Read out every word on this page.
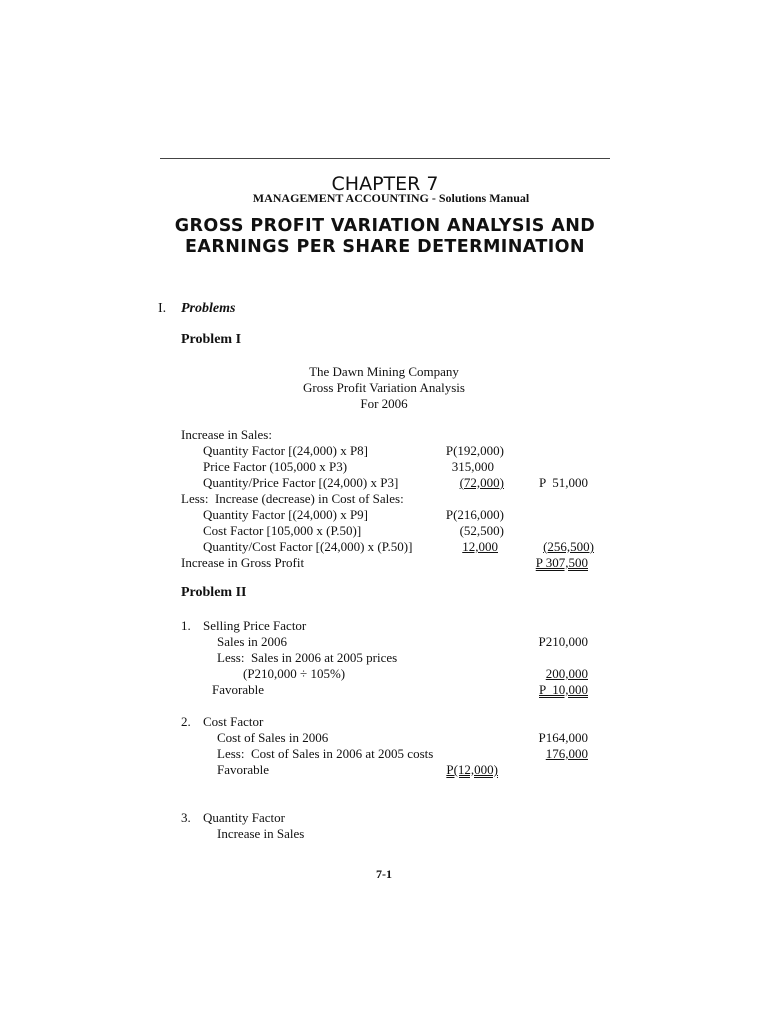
MANAGEMENT ACCOUNTING - Solutions Manual

CHAPTER 7
GROSS PROFIT VARIATION ANALYSIS AND
EARNINGS PER SHARE DETERMINATION
I. Problems
Problem I
The Dawn Mining Company
Gross Profit Variation Analysis
For 2006
Increase in Sales:
Quantity Factor [(24,000) x P8]	P(192,000)
Price Factor (105,000 x P3)	315,000
Quantity/Price Factor [(24,000) x P3]	(72,000)	P  51,000
Less:  Increase (decrease) in Cost of Sales:
Quantity Factor [(24,000) x P9]	P(216,000)
Cost Factor [105,000 x (P.50)]	(52,500)
Quantity/Cost Factor [(24,000) x (P.50)]	12,000	(256,500)
Increase in Gross Profit	P 307,500
Problem II
1. Selling Price Factor
Sales in 2006	P210,000
Less:  Sales in 2006 at 2005 prices
(P210,000 ÷ 105%)	200,000
Favorable	P  10,000
2. Cost Factor
Cost of Sales in 2006	P164,000
Less:  Cost of Sales in 2006 at 2005 costs	176,000
Favorable	P(12,000)
3. Quantity Factor
Increase in Sales
7-1
